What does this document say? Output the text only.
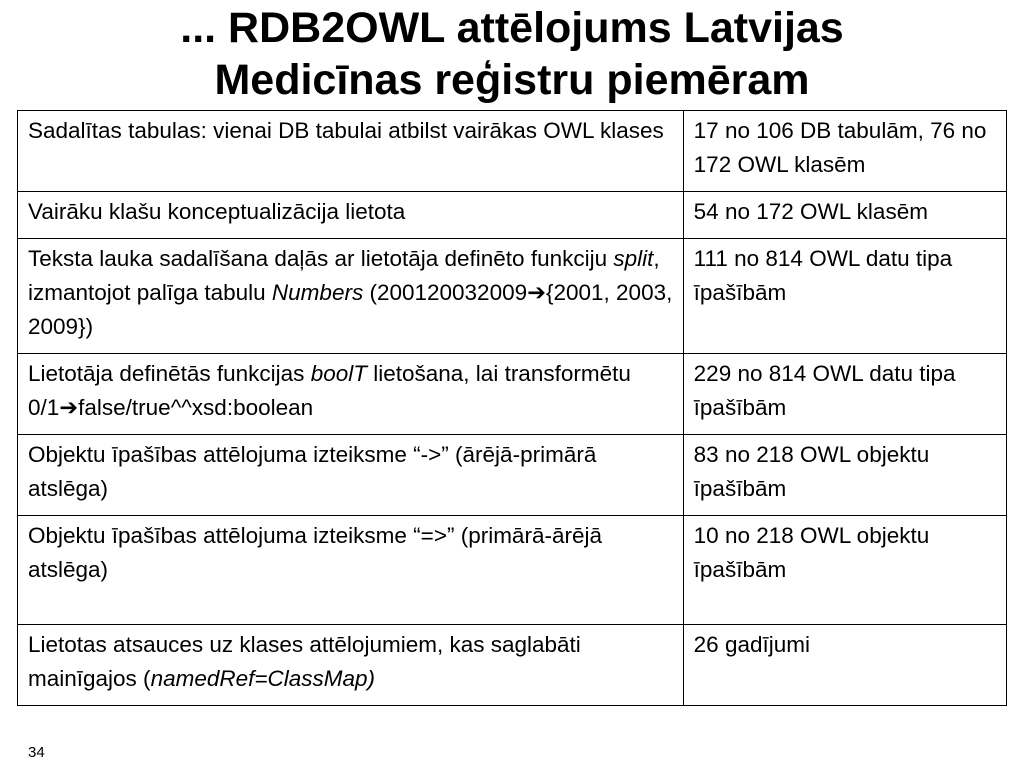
... RDB2OWL attēlojums Latvijas
Medicīnas reģistru piemēram
Sadalītas tabulas: vienai DB tabulai atbilst vairākas OWL klases	17 no 106 DB tabulām, 76 no 172 OWL klasēm
Vairāku klašu konceptualizācija lietota	54 no 172 OWL klasēm
Teksta lauka sadalīšana daļās ar lietotāja definēto funkciju split, izmantojot palīga tabulu Numbers (200120032009➔{2001, 2003, 2009})	111 no 814 OWL datu tipa īpašībām
Lietotāja definētās funkcijas boolT lietošana, lai transformētu 0/1➔false/true^^xsd:boolean	229 no 814 OWL datu tipa īpašībām
Objektu īpašības attēlojuma izteiksme “->” (ārējā-primārā atslēga)	83 no 218 OWL objektu īpašībām
Objektu īpašības attēlojuma izteiksme “=>” (primārā-ārējā atslēga)	10 no 218 OWL objektu īpašībām
Lietotas atsauces uz klases attēlojumiem, kas saglabāti mainīgajos (namedRef=ClassMap)	26 gadījumi
34
